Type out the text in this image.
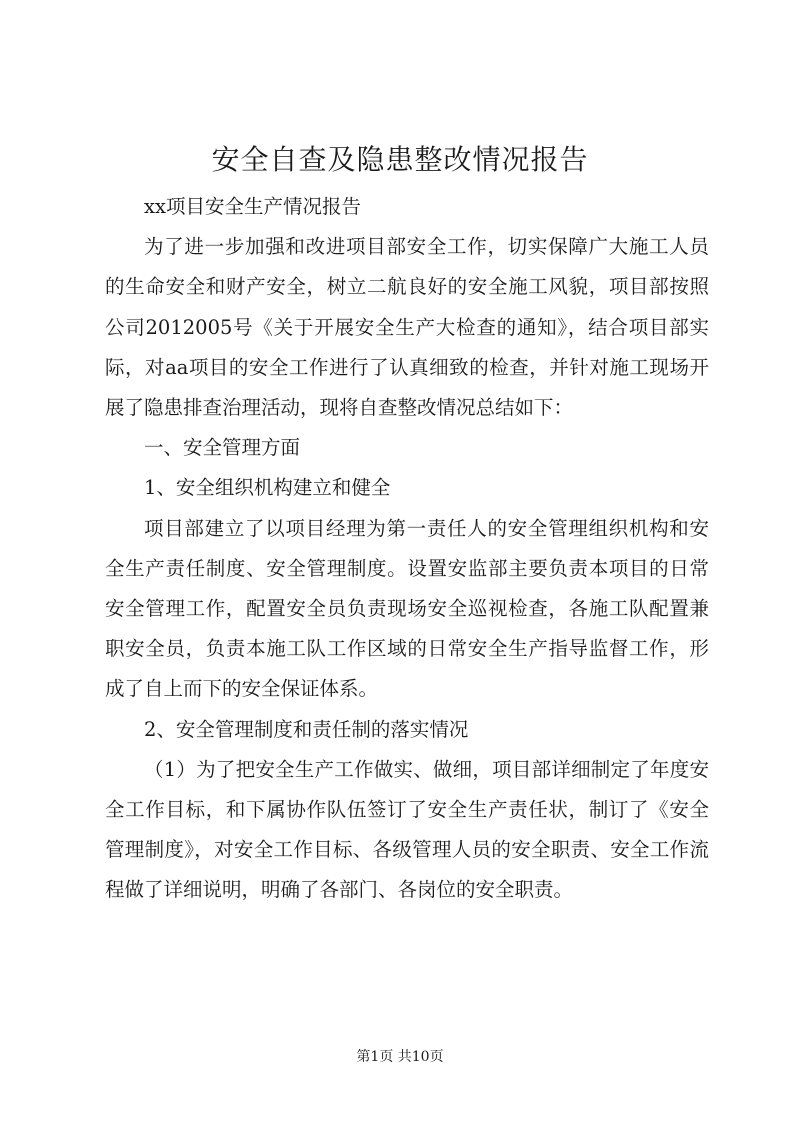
安全自查及隐患整改情况报告

xx项目安全生产情况报告

为了进一步加强和改进项目部安全工作，切实保障广大施工人员的生命安全和财产安全，树立二航良好的安全施工风貌，项目部按照公司2012005号《关于开展安全生产大检查的通知》，结合项目部实际，对aa项目的安全工作进行了认真细致的检查，并针对施工现场开展了隐患排查治理活动，现将自查整改情况总结如下：

一、安全管理方面

1、安全组织机构建立和健全

项目部建立了以项目经理为第一责任人的安全管理组织机构和安全生产责任制度、安全管理制度。设置安监部主要负责本项目的日常安全管理工作，配置安全员负责现场安全巡视检查，各施工队配置兼职安全员，负责本施工队工作区域的日常安全生产指导监督工作，形成了自上而下的安全保证体系。

2、安全管理制度和责任制的落实情况

（1）为了把安全生产工作做实、做细，项目部详细制定了年度安全工作目标，和下属协作队伍签订了安全生产责任状，制订了《安全管理制度》，对安全工作目标、各级管理人员的安全职责、安全工作流程做了详细说明，明确了各部门、各岗位的安全职责。

第1页 共10页
